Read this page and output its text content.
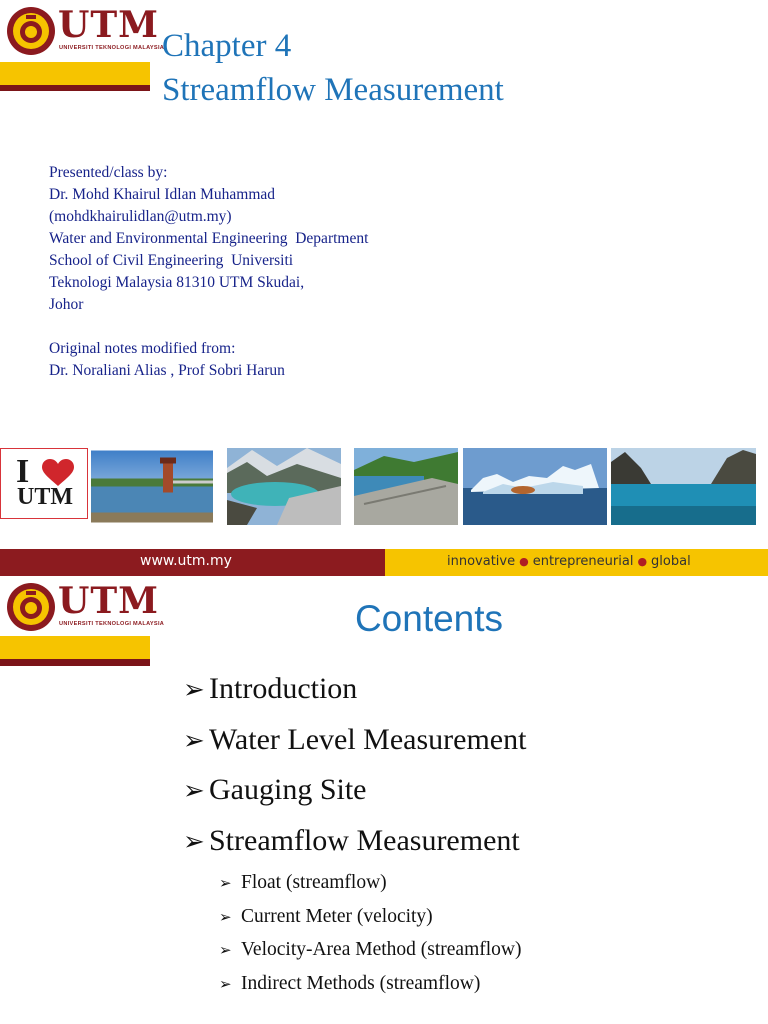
UTM
UNIVERSITI TEKNOLOGI MALAYSIA
Chapter 4
Streamflow Measurement
Presented/class by:
Dr. Mohd Khairul Idlan Muhammad
(mohdkhairulidlan@utm.my)
Water and Environmental Engineering  Department
School of Civil Engineering  Universiti
Teknologi Malaysia 81310 UTM Skudai,
Johor
Original notes modified from:
Dr. Noraliani Alias , Prof Sobri Harun
I
UTM
www.utm.my	innovative ● entrepreneurial ● global
UTM
UNIVERSITI TEKNOLOGI MALAYSIA	Contents
➢ Introduction
➢ Water Level Measurement
➢ Gauging Site
➢ Streamflow Measurement
➢ Float (streamflow)
➢ Current Meter (velocity)
➢ Velocity-Area Method (streamflow)
➢ Indirect Methods (streamflow)
